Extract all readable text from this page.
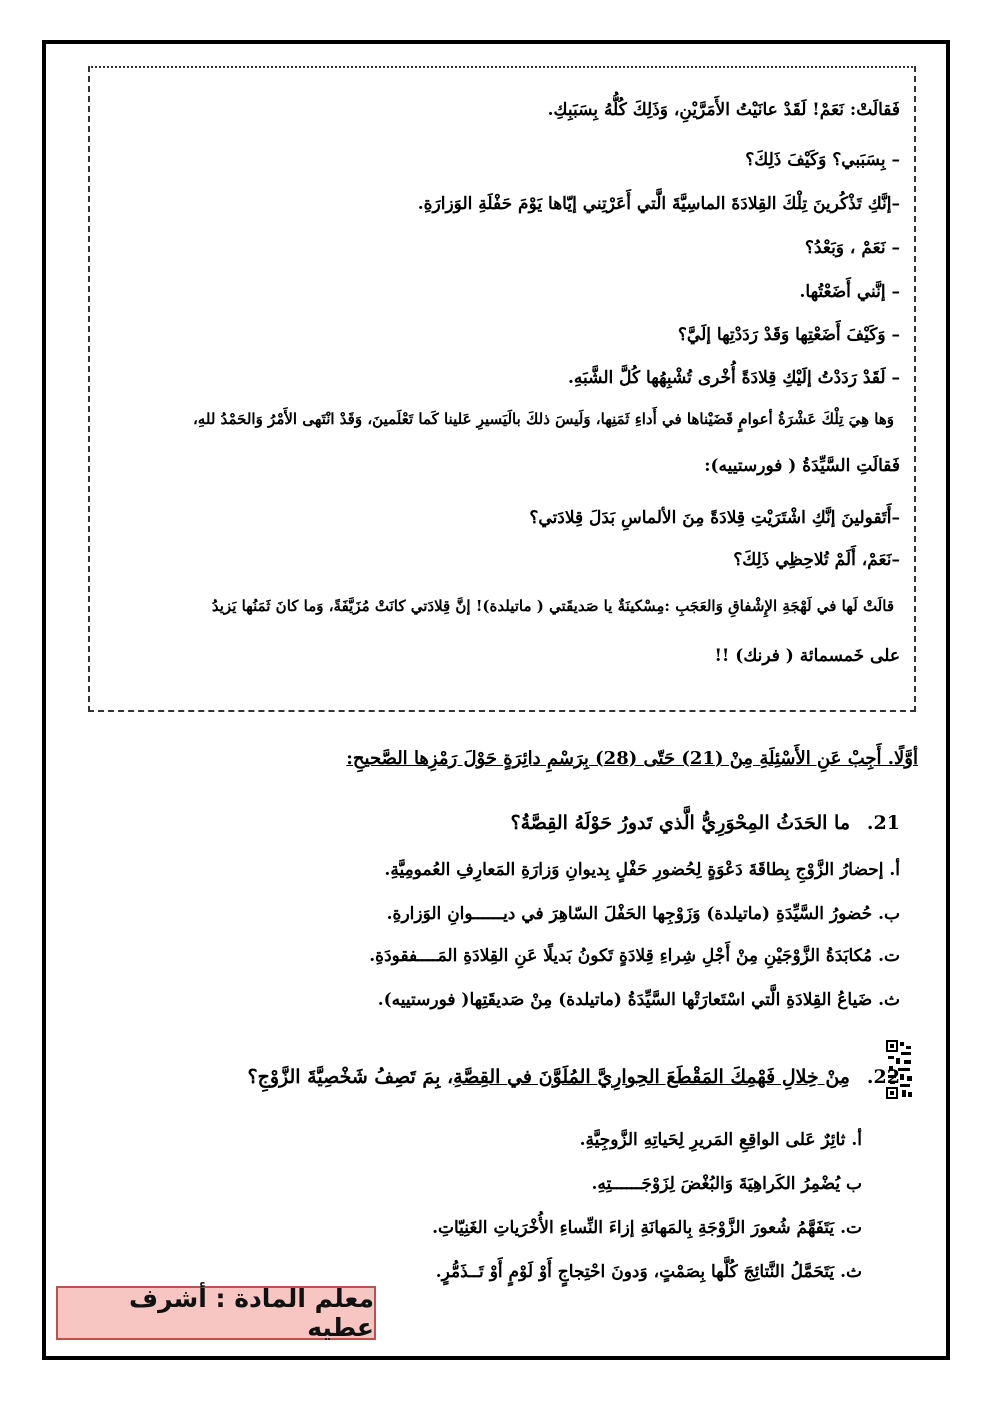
فَقالَتْ: نَعَمْ! لَقَدْ عانَيْتُ الأَمَرَّيْنِ، وَذَلِكَ كُلُّهُ بِسَبَبِكِ.
– بِسَبَبي؟ وَكَيْفَ ذَلِكَ؟
–إنَّكِ تَذْكُرينَ تِلْكَ القِلادَةَ الماسِيَّةَ الَّتي أَعَرْتِني إيّاها يَوْمَ حَفْلَةِ الوَزارَةِ.
– نَعَمْ ، وَبَعْدُ؟
– إنَّني أَضَعْتُها.
– وَكَيْفَ أَضَعْتِها وَقَدْ رَدَدْتِها إلَيَّ؟
– لَقَدْ رَدَدْتُ إلَيْكِ قِلادَةً أُخْرى تُشْبِهُها كُلَّ الشَّبَهِ.
وَها هِيَ تِلْكَ عَشْرَةُ أعوامٍ قَضَيْناها في أَداءِ ثَمَنِها، وَلَيسَ ذلكَ بالَيَسيرِ عَلينا كَما تَعْلَمينَ، وَقَدْ انْتَهى الأَمْرُ وَالحَمْدُ للهِ،
فَقالَتِ السَّيِّدَةُ ( فورستييه):
–أَتَقولينَ إنَّكِ اشْتَرَيْتِ قِلادَةً مِنَ الألماسِ بَدَلَ قِلادَتي؟
–نَعَمْ، أَلَمْ تُلاحِظِي ذَلِكَ؟
قالَتْ لَها في لَهْجَةِ الإِشْفاقِ وَالعَجَبِ :مِسْكينَةٌ يا صَديقَتي ( ماتيلدة)! إنَّ قِلادَتي كانَتْ مُزَيَّفَةً، وَما كانَ ثَمَنُها يَزيدُ
على خَمسمائة ( فرنك) !!
أوَّلًا. أَجِبْ عَنِ الأَسْئِلَةِ مِنْ (21) حَتّى (28) بِرَسْمِ دائِرَةٍ حَوْلَ رَمْزِها الصَّحيحِ:
ما الحَدَثُ المِحْوَرِيُّ الَّذي تَدورُ حَوْلَهُ القِصَّةُ؟ 21.
أ. إحضارُ الزَّوْجِ بِطاقَةَ دَعْوَةٍ لِحُضورِ حَفْلٍ بِديوانِ وَزارَةِ المَعارِفِ العُمومِيَّةِ.
ب. حُضورُ السَّيِّدَةِ (ماتيلدة) وَزَوْجِها الحَفْلَ السّاهِرَ في ديــــــوانِ الوَزارةِ.
ت. مُكابَدَةُ الزَّوْجَيْنِ مِنْ أَجْلِ شِراءِ قِلادَةٍ تَكونُ بَديلًا عَنِ القِلادَةِ المَــــفقودَةِ.
ث. ضَياعُ القِلادَةِ الَّتي اسْتَعارَتْها السَّيِّدَةُ (ماتيلدة) مِنْ صَديقَتِها( فورستييه).
مِنْ خِلالِ فَهْمِكَ المَقْطَعَ الحِوارِيَّ المُلَوَّنَ في القِصَّةِ، بِمَ تَصِفُ شَخْصِيَّةَ الزَّوْجِ؟	22.
أ. ثائِرٌ عَلى الواقِعِ المَريرِ لِحَياتِهِ الزَّوجِيَّةِ.
ب يُضْمِرُ الكَراهِيَةَ وَالبُغْضَ لِزَوْجَــــــتِهِ.
ت. يَتَفَهَّمُ شُعورَ الزَّوْجَةِ بِالمَهانَةِ إزاءَ النِّساءِ الأُخْرَياتِ الغَنِيّاتِ.
ث. يَتَحَمَّلُ النَّتائِجَ كُلَّها بِصَمْتٍ، وَدونَ احْتِجاجٍ أَوْ لَوْمٍ أَوْ تَــذَمُّرٍ.
معلم المادة : أشرف عطيه
